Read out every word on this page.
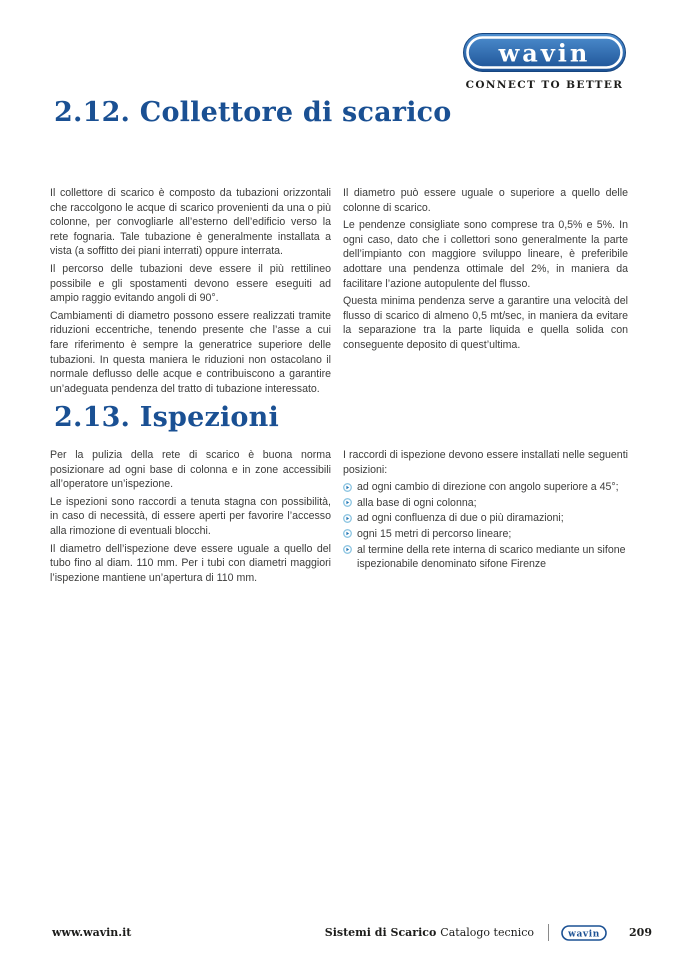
wavin
CONNECT TO BETTER
2.12. Collettore di scarico

Il collettore di scarico è composto da tubazioni orizzontali che raccolgono le acque di scarico provenienti da una o più colonne, per convogliarle all’esterno dell’edificio verso la rete fognaria. Tale tubazione è generalmente installata a vista (a soffitto dei piani interrati) oppure interrata.

Il percorso delle tubazioni deve essere il più rettilineo possibile e gli spostamenti devono essere eseguiti ad ampio raggio evitando angoli di 90°.

Cambiamenti di diametro possono essere realizzati tramite riduzioni eccentriche, tenendo presente che l’asse a cui fare riferimento è sempre la generatrice superiore delle tubazioni. In questa maniera le riduzioni non ostacolano il normale deflusso delle acque e contribuiscono a garantire un’adeguata pendenza del tratto di tubazione interessato.

Il diametro può essere uguale o superiore a quello delle colonne di scarico.

Le pendenze consigliate sono comprese tra 0,5% e 5%. In ogni caso, dato che i collettori sono generalmente la parte dell’impianto con maggiore sviluppo lineare, è preferibile adottare una pendenza ottimale del 2%, in maniera da facilitare l’azione autopulente del flusso.

Questa minima pendenza serve a garantire una velocità del flusso di scarico di almeno 0,5 mt/sec, in maniera da evitare la separazione tra la parte liquida e quella solida con conseguente deposito di quest’ultima.

2.13. Ispezioni

Per la pulizia della rete di scarico è buona norma posizionare ad ogni base di colonna e in zone accessibili all’operatore un’ispezione.

Le ispezioni sono raccordi a tenuta stagna con possibilità, in caso di necessità, di essere aperti per favorire l’accesso alla rimozione di eventuali blocchi.

Il diametro dell’ispezione deve essere uguale a quello del tubo fino al diam. 110 mm. Per i tubi con diametri maggiori l’ispezione mantiene un’apertura di 110 mm.

I raccordi di ispezione devono essere installati nelle seguenti posizioni:

ad ogni cambio di direzione con angolo superiore a 45°;
alla base di ogni colonna;
ad ogni confluenza di due o più diramazioni;
ogni 15 metri di percorso lineare;
al termine della rete interna di scarico mediante un sifone ispezionabile denominato sifone Firenze
www.wavin.it	Sistemi di Scarico Catalogo tecnico	wavin	209
